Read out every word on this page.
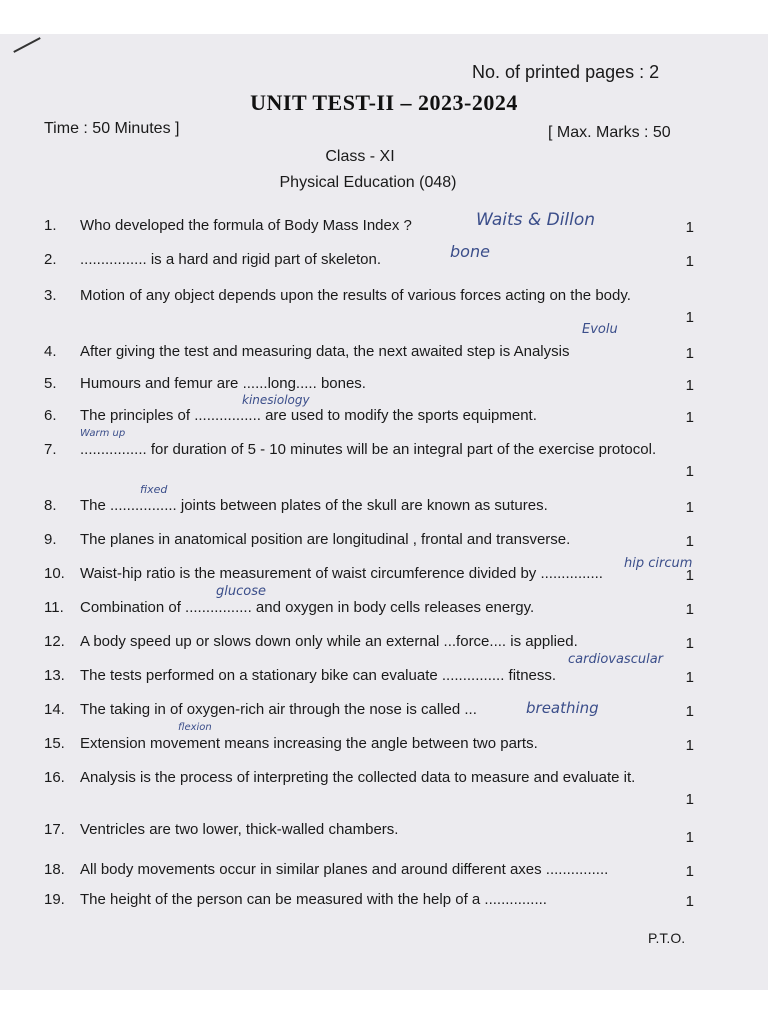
No. of printed pages : 2
UNIT TEST-II – 2023-2024
Time : 50 Minutes ]	[ Max. Marks : 50
Class - XI
Physical Education (048)
1. Who developed the formula of Body Mass Index ?	1
Waits & Dillon
2. ................ is a hard and rigid part of skeleton.	1
bone
3. Motion of any object depends upon the results of various forces acting on the body.
1
4. After giving the test and measuring data, the next awaited step is Analysis	1
Evolu
5. Humours and femur are ......long..... bones.	1
6. The principles of ................ are used to modify the sports equipment.	1
kinesiology
7. ................ for duration of 5 - 10 minutes will be an integral part of the exercise protocol.
1
Warm up
8. The ................ joints between plates of the skull are known as sutures.	1
fixed
9. The planes in anatomical position are longitudinal , frontal and transverse.	1
10. Waist-hip ratio is the measurement of waist circumference divided by ...............	1
hip circum
11. Combination of ................ and oxygen in body cells releases energy.	1
glucose
12. A body speed up or slows down only while an external ...force.... is applied.	1
13. The tests performed on a stationary bike can evaluate ............... fitness.	1
cardiovascular
14. The taking in of oxygen-rich air through the nose is called ...	1
breathing
15. Extension movement means increasing the angle between two parts.	1
flexion
16. Analysis is the process of interpreting the collected data to measure and evaluate it.
1
17. Ventricles are two lower, thick-walled chambers.	1
18. All body movements occur in similar planes and around different axes ...............	1
19. The height of the person can be measured with the help of a ...............	1
P.T.O.
